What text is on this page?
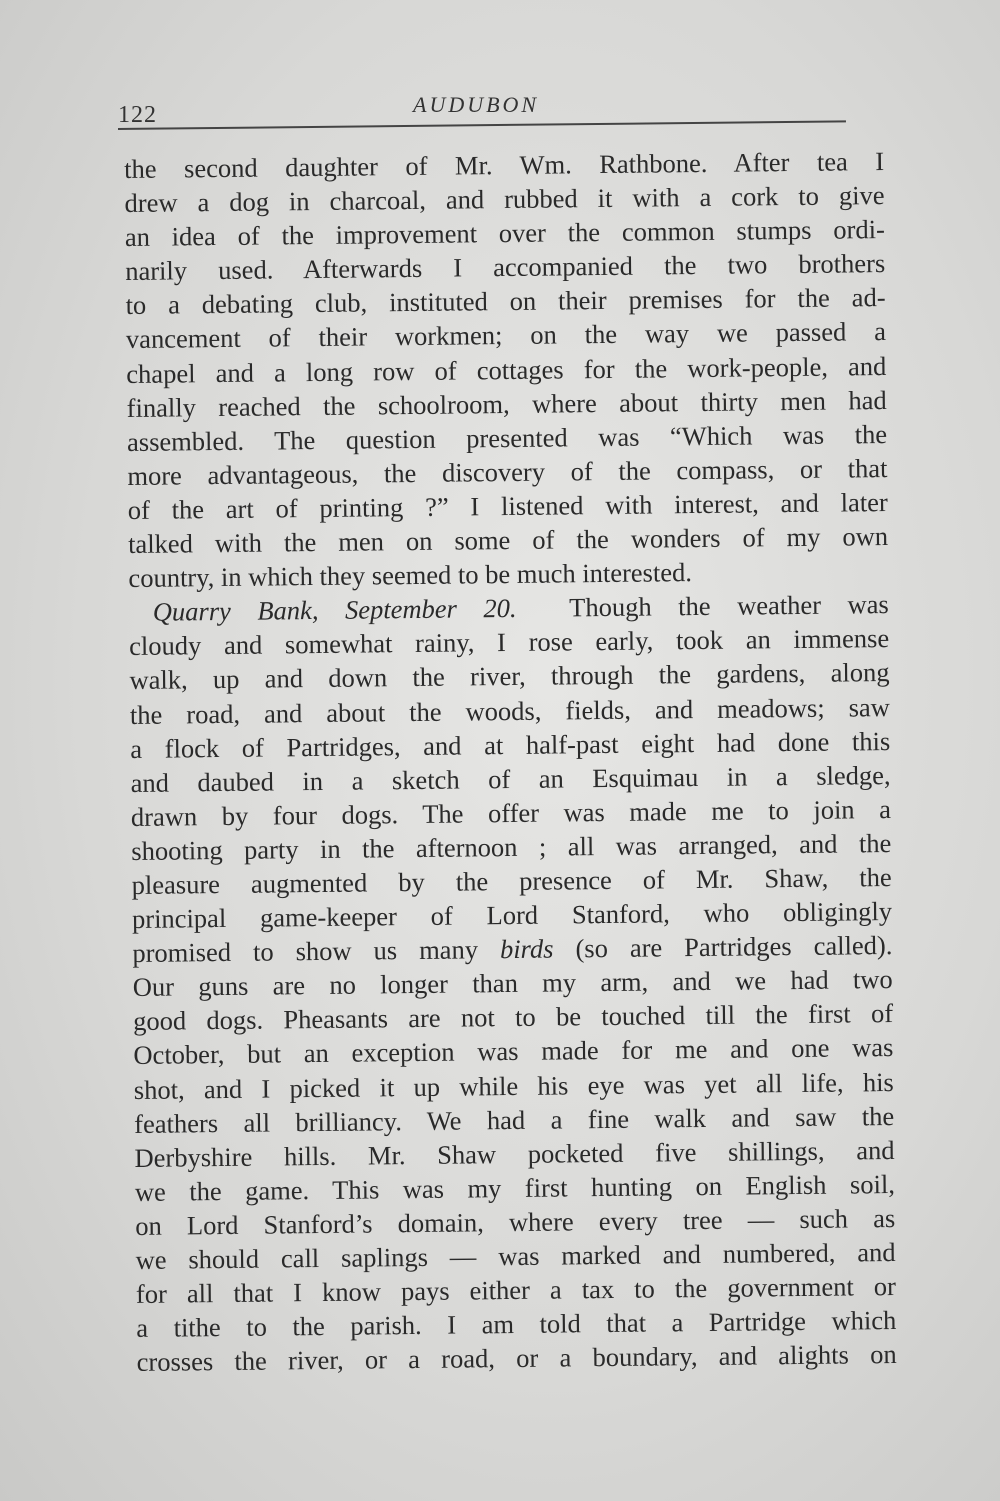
122	AUDUBON
the second daughter of Mr. Wm. Rathbone. After tea I
drew a dog in charcoal, and rubbed it with a cork to give
an idea of the improvement over the common stumps ordi-
narily used. Afterwards I accompanied the two brothers
to a debating club, instituted on their premises for the ad-
vancement of their workmen; on the way we passed a
chapel and a long row of cottages for the work-people, and
finally reached the schoolroom, where about thirty men had
assembled. The question presented was “Which was the
more advantageous, the discovery of the compass, or that
of the art of printing ?” I listened with interest, and later
talked with the men on some of the wonders of my own
country, in which they seemed to be much interested.
Quarry Bank, September 20. Though the weather was
cloudy and somewhat rainy, I rose early, took an immense
walk, up and down the river, through the gardens, along
the road, and about the woods, fields, and meadows; saw
a flock of Partridges, and at half-past eight had done this
and daubed in a sketch of an Esquimau in a sledge,
drawn by four dogs. The offer was made me to join a
shooting party in the afternoon ; all was arranged, and the
pleasure augmented by the presence of Mr. Shaw, the
principal game-keeper of Lord Stanford, who obligingly
promised to show us many birds (so are Partridges called).
Our guns are no longer than my arm, and we had two
good dogs. Pheasants are not to be touched till the first of
October, but an exception was made for me and one was
shot, and I picked it up while his eye was yet all life, his
feathers all brilliancy. We had a fine walk and saw the
Derbyshire hills. Mr. Shaw pocketed five shillings, and
we the game. This was my first hunting on English soil,
on Lord Stanford’s domain, where every tree — such as
we should call saplings — was marked and numbered, and
for all that I know pays either a tax to the government or
a tithe to the parish. I am told that a Partridge which
crosses the river, or a road, or a boundary, and alights on
